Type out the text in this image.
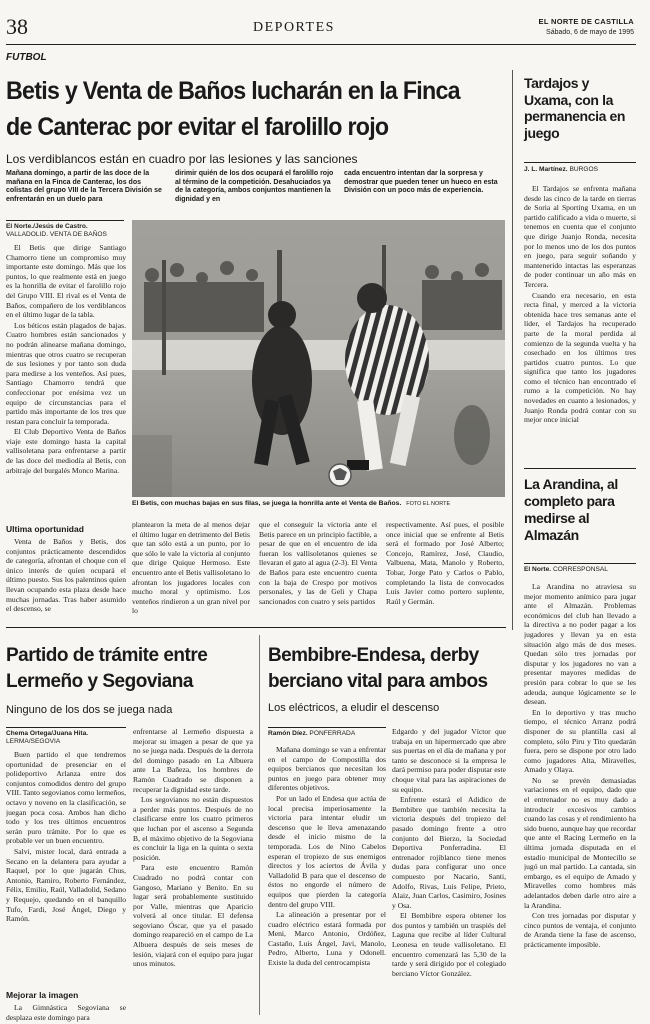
38	DEPORTES	EL NORTE DE CASTILLA
Sábado, 6 de mayo de 1995
FUTBOL
Betis y Venta de Baños lucharán en la Finca
de Canterac por evitar el farolillo rojo
Los verdiblancos están en cuadro por las lesiones y las sanciones
Mañana domingo, a partir de las doce de la mañana en la Finca de Canterac, los dos colistas del grupo VIII de la Tercera División se enfrentarán en un duelo para
dirimir quién de los dos ocupará el farolillo rojo al término de la competición. Desahuciados ya de la categoría, ambos conjuntos mantienen la dignidad y en
cada encuentro intentan dar la sorpresa y demostrar que pueden tener un hueco en esta División con un poco más de experiencia.
El Norte./Jesús de Castro.
VALLADOLID. VENTA DE BAÑOS

El Betis que dirige Santiago Chamorro tiene un compromiso muy importante este domingo. Más que los puntos, lo que realmente está en juego es la honrilla de evitar el farolillo rojo del Grupo VIII. El rival es el Venta de Baños, compañero de los verdiblancos en el último lugar de la tabla.

Los béticos están plagados de bajas. Cuatro hombres están sancionados y no podrán alinearse mañana domingo, mientras que otros cuatro se recuperan de sus lesiones y por tanto son duda para medirse a los venteños. Así pues, Santiago Chamorro tendrá que confeccionar por enésima vez un equipo de circunstancias para el partido más importante de los tres que restan para concluir la temporada.

El Club Deportivo Venta de Baños viaje este domingo hasta la capital vallisoletana para enfrentarse a partir de las doce del mediodía al Betis, con arbitraje del burgalés Monco Marina.

El Betis, con muchas bajas en sus filas, se juega la honrilla ante el Venta de Baños. FOTO EL NORTE
Ultima oportunidad

Venta de Baños y Betis, dos conjuntos prácticamente descendidos de categoría, afrontan el choque con el único interés de quien ocupará el último puesto. Sus los palentinos quien llevan ocupando esta plaza desde hace muchas jornadas. Tras haber asumido el descenso, se

plantearon la meta de al menos dejar el último lugar en detrimento del Betis que tan sólo está a un punto, por lo que sólo le vale la victoria al conjunto que dirige Quique Hermoso. Este encuentro ante el Betis vallisoletano lo afrontan los jugadores locales con mucho moral y optimismo. Los venteños rindieron a un gran nivel por lo

que el conseguir la victoria ante el Betis parece en un principio factible, a pesar de que en el encuentro de ida fueran los vallisoletanos quienes se llevaran el gato al agua (2-3). El Venta de Baños para este encuentro cuenta con la baja de Crespo por motivos personales, y las de Geli y Chapa sancionados con cuatro y seis partidos

respectivamente. Así pues, el posible once inicial que se enfrente al Betis será el formado por José Alberto; Concejo, Ramírez, José, Claudio, Valbuena, Mata, Manolo y Roberto, Tobar, Jorge Pato y Carlos o Pablo, completando la lista de convocados Luis Javier como portero suplente, Raúl y Germán.

Tardajos y Uxama, con la permanencia en juego
J. L. Martínez. BURGOS

El Tardajos se enfrenta mañana desde las cinco de la tarde en tierras de Soria al Sporting Uxama, en un partido calificado a vida o muerte, si tenemos en cuenta que el conjunto que dirige Juanjo Ronda, necesita por lo menos uno de los dos puntos en juego, para seguir soñando y mantenerido intactas las esperanzas de poder continuar un año más en Tercera.

Cuando era necesario, en esta recta final, y merced a la victoria obtenida hace tres semanas ante el líder, el Tardajos ha recuperado parte de la moral perdida al comienzo de la segunda vuelta y ha cosechado en los últimos tres partidos cuatro puntos. Lo que significa que tanto los jugadores como el técnico han encontrado el rumo a la competición. No hay novedades en cuanto a lesionados, y Juanjo Ronda podrá contar con su mejor once inicial

La Arandina, al completo para medirse al Almazán
El Norte. CORRESPONSAL

La Arandina no atraviesa su mejor momento anímico para jugar ante el Almazán. Problemas económicos del club han llevado a la directiva a no poder pagar a los jugadores y llevan ya en esta situación algo más de dos meses. Quedan sólo tres jornadas por disputar y los jugadores no van a presentar mayores medidas de presión para cobrar lo que se les adeuda, aunque lógicamente se le desean.

En lo deportivo y tras mucho tiempo, el técnico Arranz podrá disponer de su plantilla casi al completo, sólo Piru y Tito quedarán fuera, pero se dispone por otro lado como jugadores Alta, Miravelles, Amado y Olaya.

No se prevén demasiadas variaciones en el equipo, dado que el entrenador no es muy dado a introducir excesivos cambios cuando las cosas y el rendimiento ha sido bueno, aunque hay que recordar que ante el Racing Lermeño en la última jornada disputada en el estadio municipal de Montecillo se jugó un mal partido. La cantada, sin embargo, es el equipo de Amado y Miravelles como hombres más adelantados deben darle otro aire a la Arandina.

Con tres jornadas por disputar y cinco puntos de ventaja, el conjunto de Aranda tiene la fase de ascenso, prácticamente imposible.

Partido de trámite entre
Lermeño y Segoviana
Ninguno de los dos se juega nada
Chema Ortega/Juana Hita.
LERMA/SEGOVIA

Buen partido el que tendremos oportunidad de presenciar en el polideportivo Arlanza entre dos conjuntos comodidos dentro del grupo VIII. Tanto segovianos como lermeños, octavo y noveno en la clasificación, se juegan poca cosa. Ambos han dicho todo y los tres últimos encuentros serán puro trámite. Por lo que es probable ver un buen encuentro.

Salvi, mister local, dará entrada a Secano en la delantera para ayudar a Raquel, por lo que jugarán Chus, Antonio, Ramiro, Roberto Fernández, Félix, Emilio, Raúl, Valladolid, Sedano y Requejo, quedando en el banquillo Tufo, Fardi, José Ángel, Diego y Ramón.

Mejorar la imagen

La Gimnástica Segoviana se desplaza este domingo para

enfrentarse al Lermeño dispuesta a mejorar su imagen a pesar de que ya no se juega nada. Después de la derrota del domingo pasado en La Albuera ante La Bañeza, los hombres de Ramón Cuadrado se disponen a recuperar la dignidad este tarde.

Los segovianos no están dispuestos a perder más puntos. Después de no clasificarse entre los cuatro primeros que luchan por el ascenso a Segunda B, el máximo objetivo de la Segoviana es concluir la liga en la quinta o sexta posición.

Para este encuentro Ramón Cuadrado no podrá contar con Gangoso, Mariano y Benito. En su lugar será probablemente sustituido por Valle, mientras que Aparicio volverá al once titular. El defensa segoviano Óscar, que ya el pasado domingo reapareció en el campo de La Albuera después de seis meses de lesión, viajará con el equipo para jugar unos minutos.

Bembibre-Endesa, derby
berciano vital para ambos
Los eléctricos, a eludir el descenso
Ramón Díez. PONFERRADA

Mañana domingo se van a enfrentar en el campo de Compostilla dos equipos bercianos que necesitan los puntos en juego para obtener muy diferentes objetivos.

Por un lado el Endesa que actúa de local precisa imperiosamente la victoria para intentar eludir un descenso que le lleva amenazando desde el inicio mismo de la temporada. Los de Nino Cabelos esperan el tropiezo de sus enemigos directos y los aciertos de Ávila y Valladolid B para que el descenso de éstos no engorde el número de equipos que pierden la categoría dentro del grupo VIII.

La alineación a presentar por el cuadro eléctrico estará formada por Meni, Marco Antonio, Ordóñez, Castaño, Luis Ángel, Javi, Manolo, Pedro, Alberto, Luna y Odonell. Existe la duda del centrocampista

Edgardo y del jugador Víctor que trabaja en un hipermercado que abre sus puertas en el día de mañana y por tanto se desconoce si la empresa le dará permiso para poder disputar este choque vital para las aspiraciones de su equipo.

Enfrente estará el Adidico de Bembibre que también necesita la victoria después del tropiezo del pasado domingo frente a otro conjunto del Bierzo, la Sociedad Deportiva Ponferradina. El entrenador rojiblanco tiene menos dudas para configurar uno once compuesto por Nacario, Santi, Adolfo, Rivas, Luis Felipe, Prieto, Alaiz, Juan Carlos, Casimiro, Josines y Osa.

El Bembibre espera obtener los dos puntos y también un traspiés del Laguna que recibe al líder Cultural Leonesa en teude vallisoletano. El encuentro comenzará las 5,30 de la tarde y será dirigido por el colegiado berciano Víctor González.
